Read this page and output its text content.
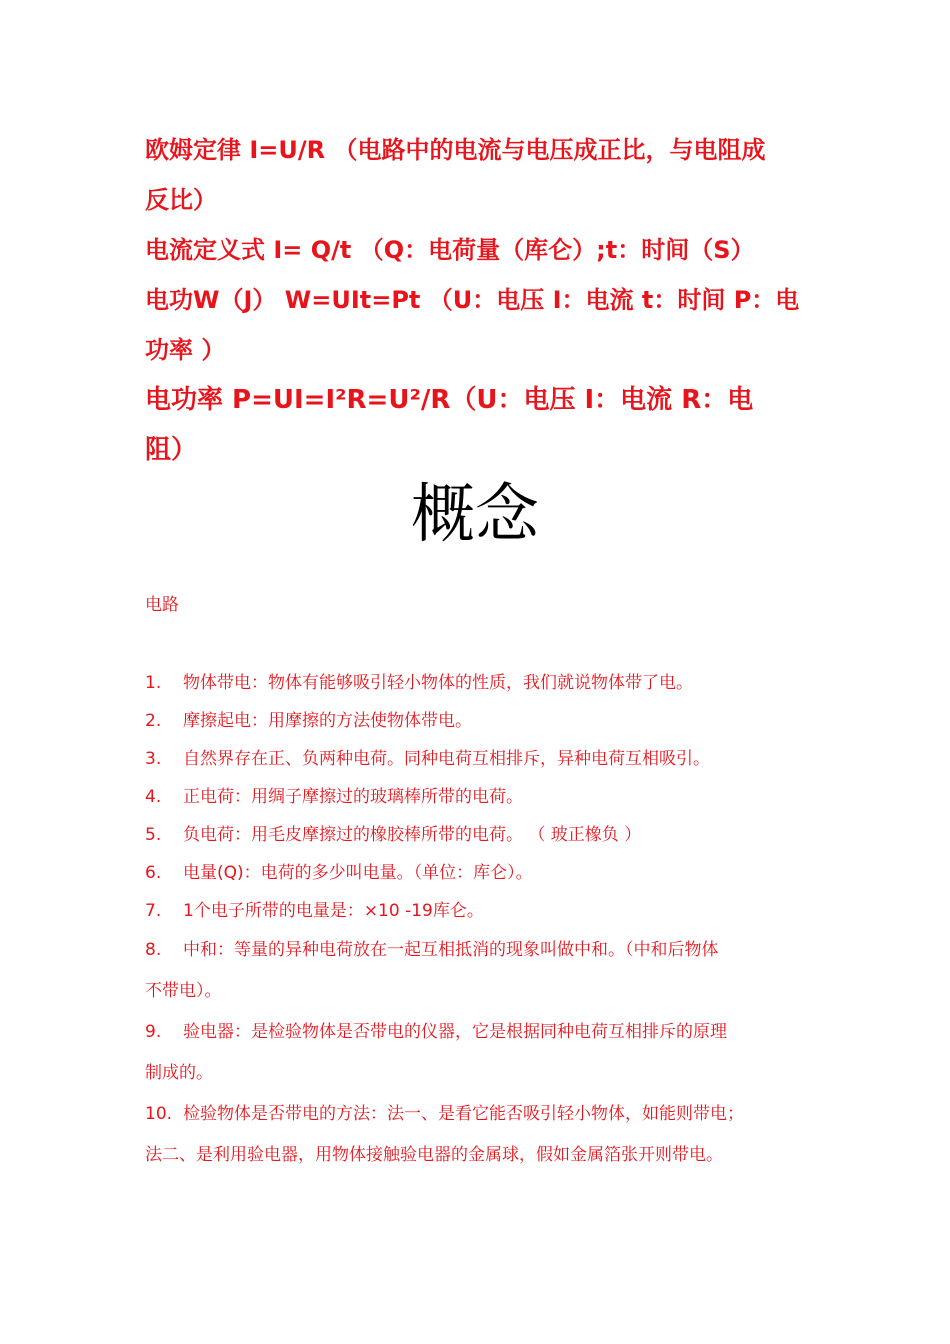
欧姆定律 I=U/R （电路中的电流与电压成正比，与电阻成

反比）

电流定义式 I= Q/t （Q：电荷量（库仑）;t：时间（S）

电功W（J） W=UIt=Pt （U：电压 I：电流 t：时间 P：电

功率 ）

电功率 P=UI=I²R=U²/R（U：电压 I：电流 R：电

阻）

概念
电路

1. 物体带电：物体有能够吸引轻小物体的性质，我们就说物体带了电。

2. 摩擦起电：用摩擦的方法使物体带电。

3. 自然界存在正、负两种电荷。同种电荷互相排斥，异种电荷互相吸引。

4. 正电荷：用绸子摩擦过的玻璃棒所带的电荷。

5. 负电荷：用毛皮摩擦过的橡胶棒所带的电荷。 （ 玻正橡负 ）

6. 电量(Q)：电荷的多少叫电量。（单位：库仑）。

7. 1个电子所带的电量是：×10 -19库仑。

8. 中和：等量的异种电荷放在一起互相抵消的现象叫做中和。（中和后物体

不带电）。

9. 验电器：是检验物体是否带电的仪器，它是根据同种电荷互相排斥的原理

制成的。

10. 检验物体是否带电的方法：法一、是看它能否吸引轻小物体，如能则带电；

法二、是利用验电器，用物体接触验电器的金属球，假如金属箔张开则带电。
